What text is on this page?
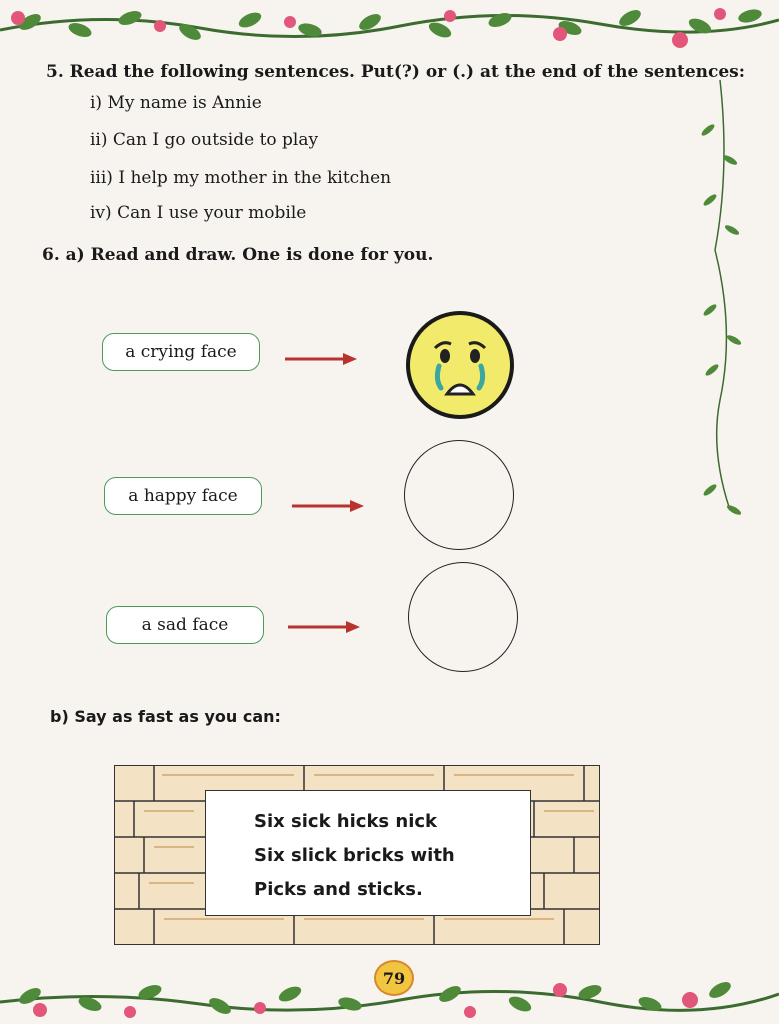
5. Read the following sentences. Put(?) or (.) at the end of the sentences:
i) My name is Annie
ii) Can I go outside to play
iii) I help my mother in the kitchen
iv) Can I use your mobile
6. a) Read and draw. One is done for you.
a crying face
a happy face
a sad face
b) Say as fast as you can:
Six sick hicks nick
Six slick bricks with
Picks and sticks.
79
